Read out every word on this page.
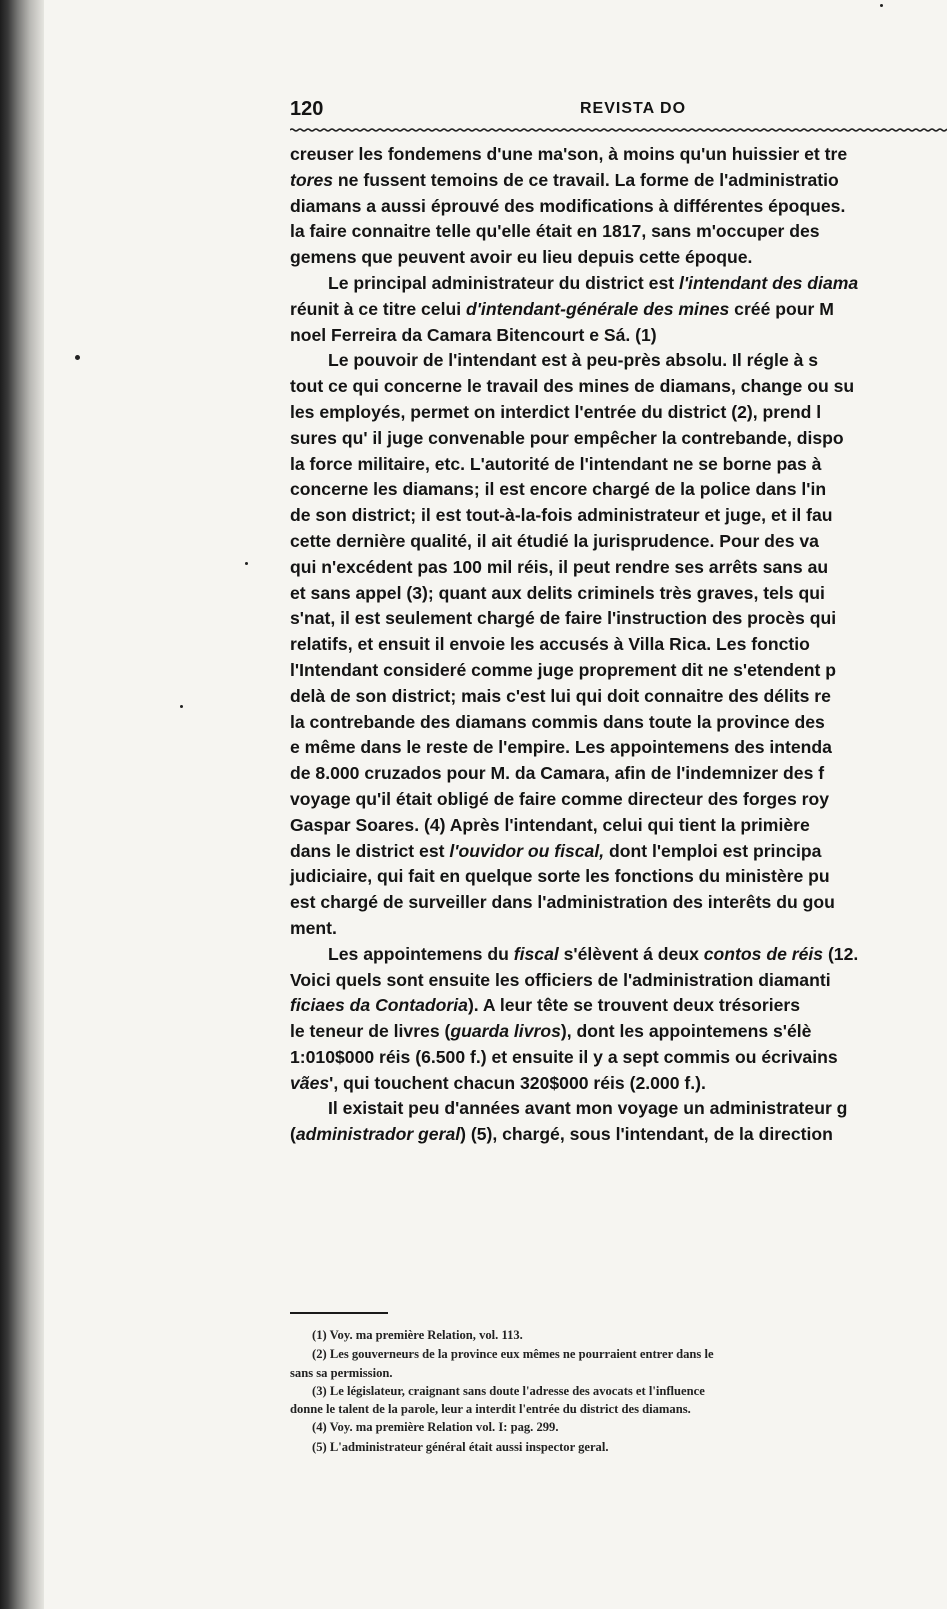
120	REVISTA DO
creuser les fondemens d'une ma'son, à moins qu'un huissier et tre
tores ne fussent temoins de ce travail. La forme de l'administratio
diamans a aussi éprouvé des modifications à différentes époques.
la faire connaitre telle qu'elle était en 1817, sans m'occuper des
gemens que peuvent avoir eu lieu depuis cette époque.
Le principal administrateur du district est l'intendant des diama
réunit à ce titre celui d'intendant-générale des mines créé pour M
noel Ferreira da Camara Bitencourt e Sá. (1)
Le pouvoir de l'intendant est à peu-près absolu. Il régle à s
tout ce qui concerne le travail des mines de diamans, change ou su
les employés, permet on interdict l'entrée du district (2), prend l
sures qu' il juge convenable pour empêcher la contrebande, dispo
la force militaire, etc. L'autorité de l'intendant ne se borne pas à
concerne les diamans; il est encore chargé de la police dans l'in
de son district; il est tout-à-la-fois administrateur et juge, et il fau
cette dernière qualité, il ait étudié la jurisprudence. Pour des va
qui n'excédent pas 100 mil réis, il peut rendre ses arrêts sans au
et sans appel (3); quant aux delits criminels très graves, tels qui
s'nat, il est seulement chargé de faire l'instruction des procès qui
relatifs, et ensuit il envoie les accusés à Villa Rica. Les fonctio
l'Intendant consideré comme juge proprement dit ne s'etendent p
delà de son district; mais c'est lui qui doit connaitre des délits re
la contrebande des diamans commis dans toute la province des
e même dans le reste de l'empire. Les appointemens des intenda
de 8.000 cruzados pour M. da Camara, afin de l'indemnizer des f
voyage qu'il était obligé de faire comme directeur des forges roy
Gaspar Soares. (4) Après l'intendant, celui qui tient la primière
dans le district est l'ouvidor ou fiscal, dont l'emploi est principa
judiciaire, qui fait en quelque sorte les fonctions du ministère pu
est chargé de surveiller dans l'administration des interêts du gou
ment.
Les appointemens du fiscal s'élèvent á deux contos de réis (12.
Voici quels sont ensuite les officiers de l'administration diamanti
ficiaes da Contadoria). A leur tête se trouvent deux trésoriers
le teneur de livres (guarda livros), dont les appointemens s'élè
1:010$000 réis (6.500 f.) et ensuite il y a sept commis ou écrivains
vães', qui touchent chacun 320$000 réis (2.000 f.).
Il existait peu d'années avant mon voyage un administrateur g
(administrador geral) (5), chargé, sous l'intendant, de la direction
(1) Voy. ma première Relation, vol. 113.
(2) Les gouverneurs de la province eux mêmes ne pourraient entrer dans le
sans sa permission.
(3) Le législateur, craignant sans doute l'adresse des avocats et l'influence
donne le talent de la parole, leur a interdit l'entrée du district des diamans.
(4) Voy. ma première Relation vol. I: pag. 299.
(5) L'administrateur général était aussi inspector geral.
